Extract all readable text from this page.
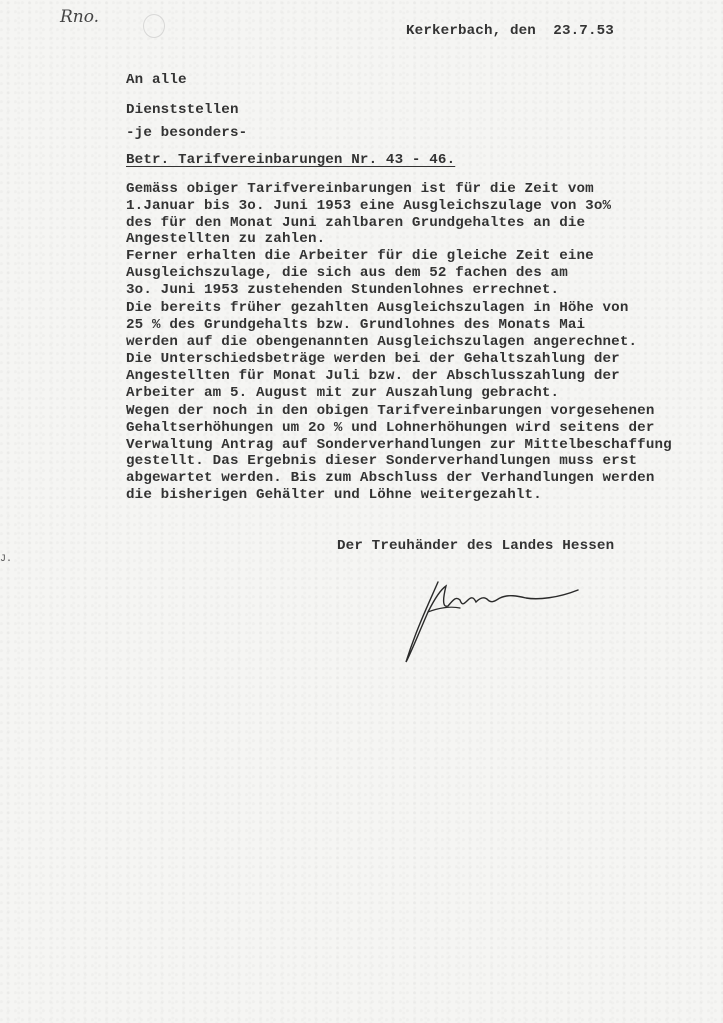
Rno.
Kerkerbach, den  23.7.53
An alle
Dienststellen
-je besonders-
Betr. Tarifvereinbarungen Nr. 43 - 46.
Gemäss obiger Tarifvereinbarungen ist für die Zeit vom
1.Januar bis 3o. Juni 1953 eine Ausgleichszulage von 3o%
des für den Monat Juni zahlbaren Grundgehaltes an die
Angestellten zu zahlen.
Ferner erhalten die Arbeiter für die gleiche Zeit eine
Ausgleichszulage, die sich aus dem 52 fachen des am
3o. Juni 1953 zustehenden Stundenlohnes errechnet.
Die bereits früher gezahlten Ausgleichszulagen in Höhe von
25 % des Grundgehalts bzw. Grundlohnes des Monats Mai
werden auf die obengenannten Ausgleichszulagen angerechnet.
Die Unterschiedsbeträge werden bei der Gehaltszahlung der
Angestellten für Monat Juli bzw. der Abschlusszahlung der
Arbeiter am 5. August mit zur Auszahlung gebracht.
Wegen der noch in den obigen Tarifvereinbarungen vorgesehenen
Gehaltserhöhungen um 2o % und Lohnerhöhungen wird seitens der
Verwaltung Antrag auf Sonderverhandlungen zur Mittelbeschaffung
gestellt. Das Ergebnis dieser Sonderverhandlungen muss erst
abgewartet werden. Bis zum Abschluss der Verhandlungen werden
die bisherigen Gehälter und Löhne weitergezahlt.
Der Treuhänder des Landes Hessen
J.
